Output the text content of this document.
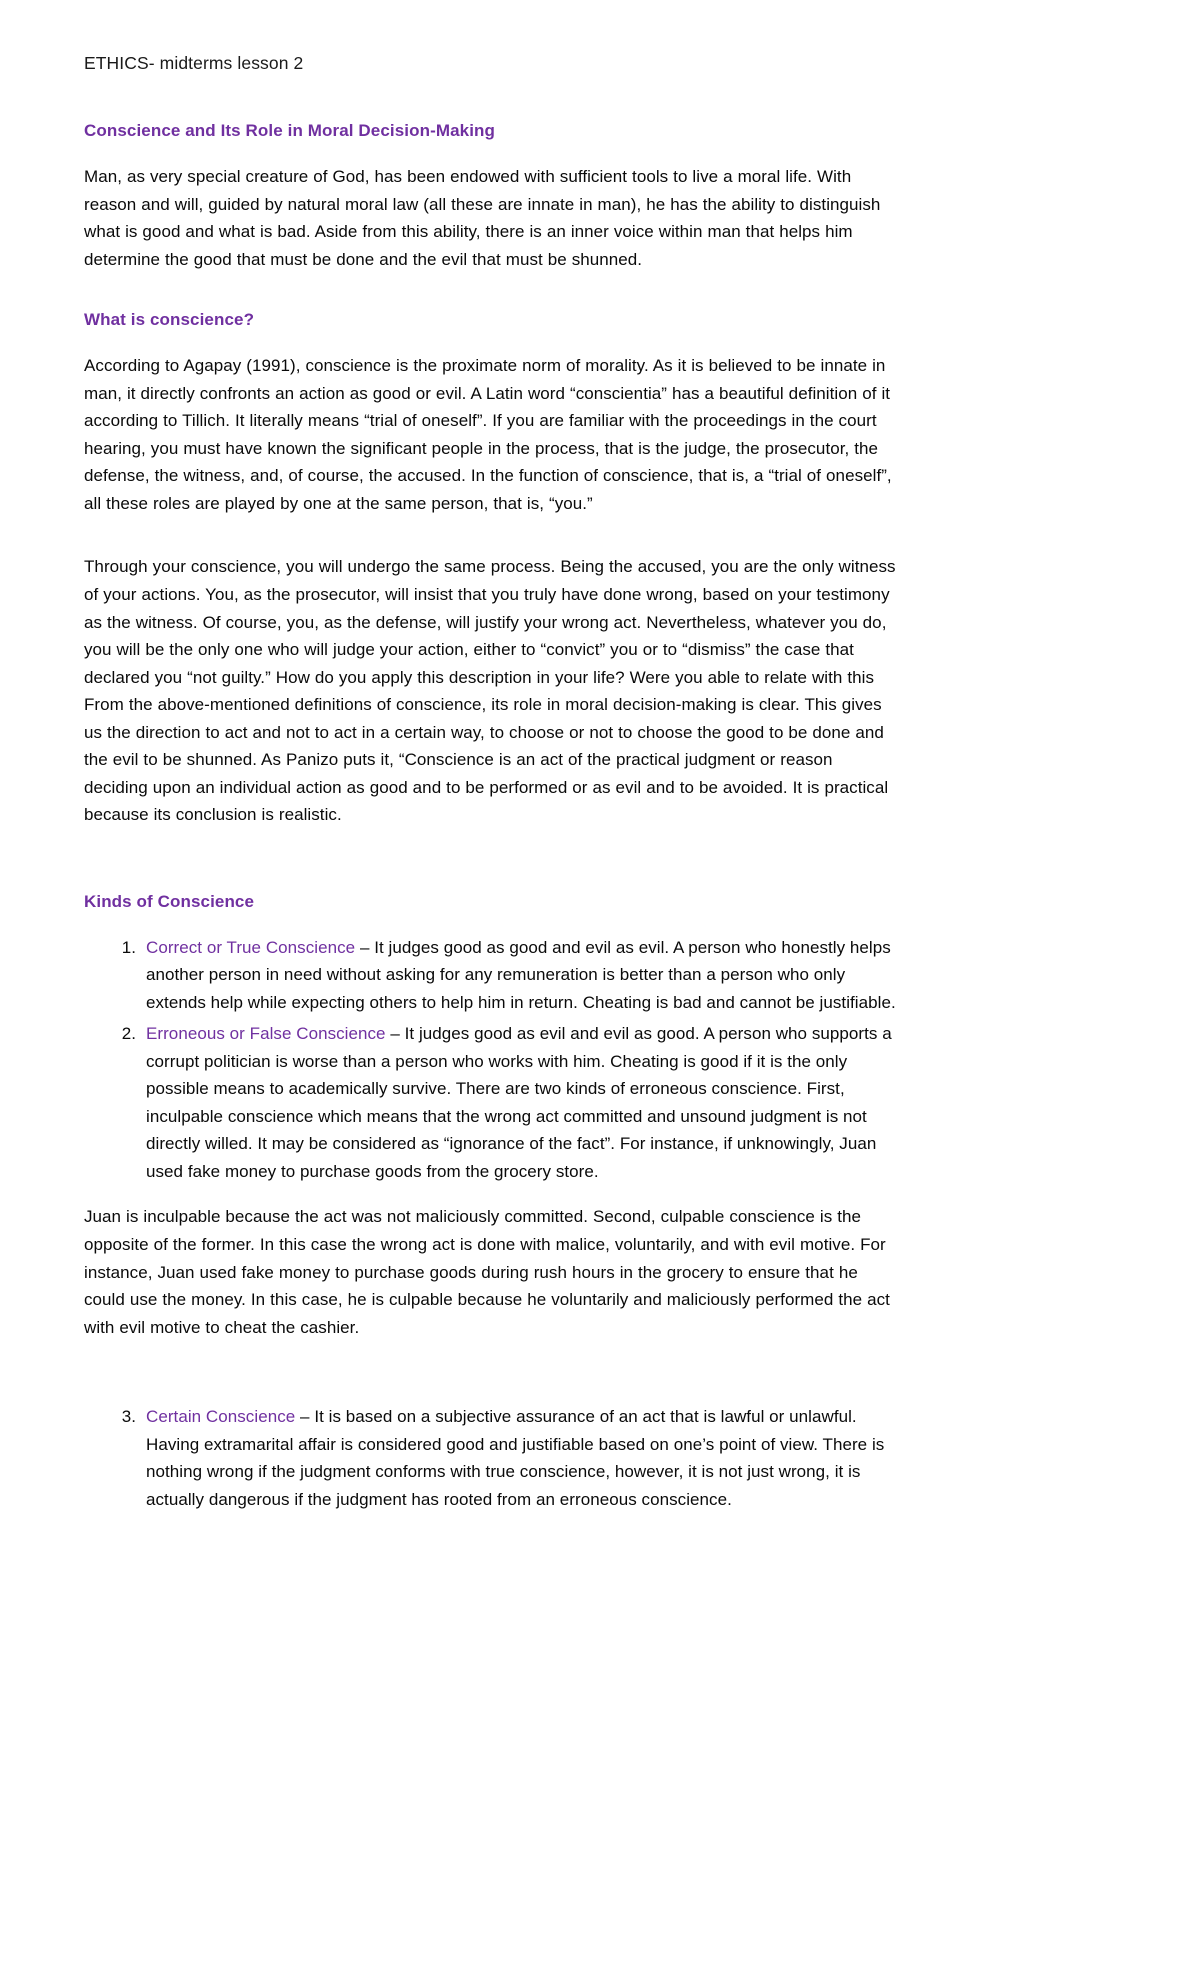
ETHICS- midterms lesson 2
Conscience and Its Role in Moral Decision-Making

Man, as very special creature of God, has been endowed with sufficient tools to live a moral life. With reason and will, guided by natural moral law (all these are innate in man), he has the ability to distinguish what is good and what is bad. Aside from this ability, there is an inner voice within man that helps him determine the good that must be done and the evil that must be shunned.

What is conscience?

According to Agapay (1991), conscience is the proximate norm of morality. As it is believed to be innate in man, it directly confronts an action as good or evil. A Latin word “conscientia” has a beautiful definition of it according to Tillich. It literally means “trial of oneself”. If you are familiar with the proceedings in the court hearing, you must have known the significant people in the process, that is the judge, the prosecutor, the defense, the witness, and, of course, the accused. In the function of conscience, that is, a “trial of oneself”, all these roles are played by one at the same person, that is, “you.”

Through your conscience, you will undergo the same process. Being the accused, you are the only witness of your actions. You, as the prosecutor, will insist that you truly have done wrong, based on your testimony as the witness. Of course, you, as the defense, will justify your wrong act. Nevertheless, whatever you do, you will be the only one who will judge your action, either to “convict” you or to “dismiss” the case that declared you “not guilty.” How do you apply this description in your life? Were you able to relate with this From the above-mentioned definitions of conscience, its role in moral decision-making is clear. This gives us the direction to act and not to act in a certain way, to choose or not to choose the good to be done and the evil to be shunned. As Panizo puts it, “Conscience is an act of the practical judgment or reason deciding upon an individual action as good and to be performed or as evil and to be avoided. It is practical because its conclusion is realistic.

Kinds of Conscience
Correct or True Conscience – It judges good as good and evil as evil. A person who honestly helps another person in need without asking for any remuneration is better than a person who only extends help while expecting others to help him in return. Cheating is bad and cannot be justifiable.
Erroneous or False Conscience – It judges good as evil and evil as good. A person who supports a corrupt politician is worse than a person who works with him. Cheating is good if it is the only possible means to academically survive. There are two kinds of erroneous conscience. First, inculpable conscience which means that the wrong act committed and unsound judgment is not directly willed. It may be considered as “ignorance of the fact”. For instance, if unknowingly, Juan used fake money to purchase goods from the grocery store.

Juan is inculpable because the act was not maliciously committed. Second, culpable conscience is the opposite of the former. In this case the wrong act is done with malice, voluntarily, and with evil motive. For instance, Juan used fake money to purchase goods during rush hours in the grocery to ensure that he could use the money. In this case, he is culpable because he voluntarily and maliciously performed the act with evil motive to cheat the cashier.

Certain Conscience – It is based on a subjective assurance of an act that is lawful or unlawful. Having extramarital affair is considered good and justifiable based on one’s point of view. There is nothing wrong if the judgment conforms with true conscience, however, it is not just wrong, it is actually dangerous if the judgment has rooted from an erroneous conscience.
